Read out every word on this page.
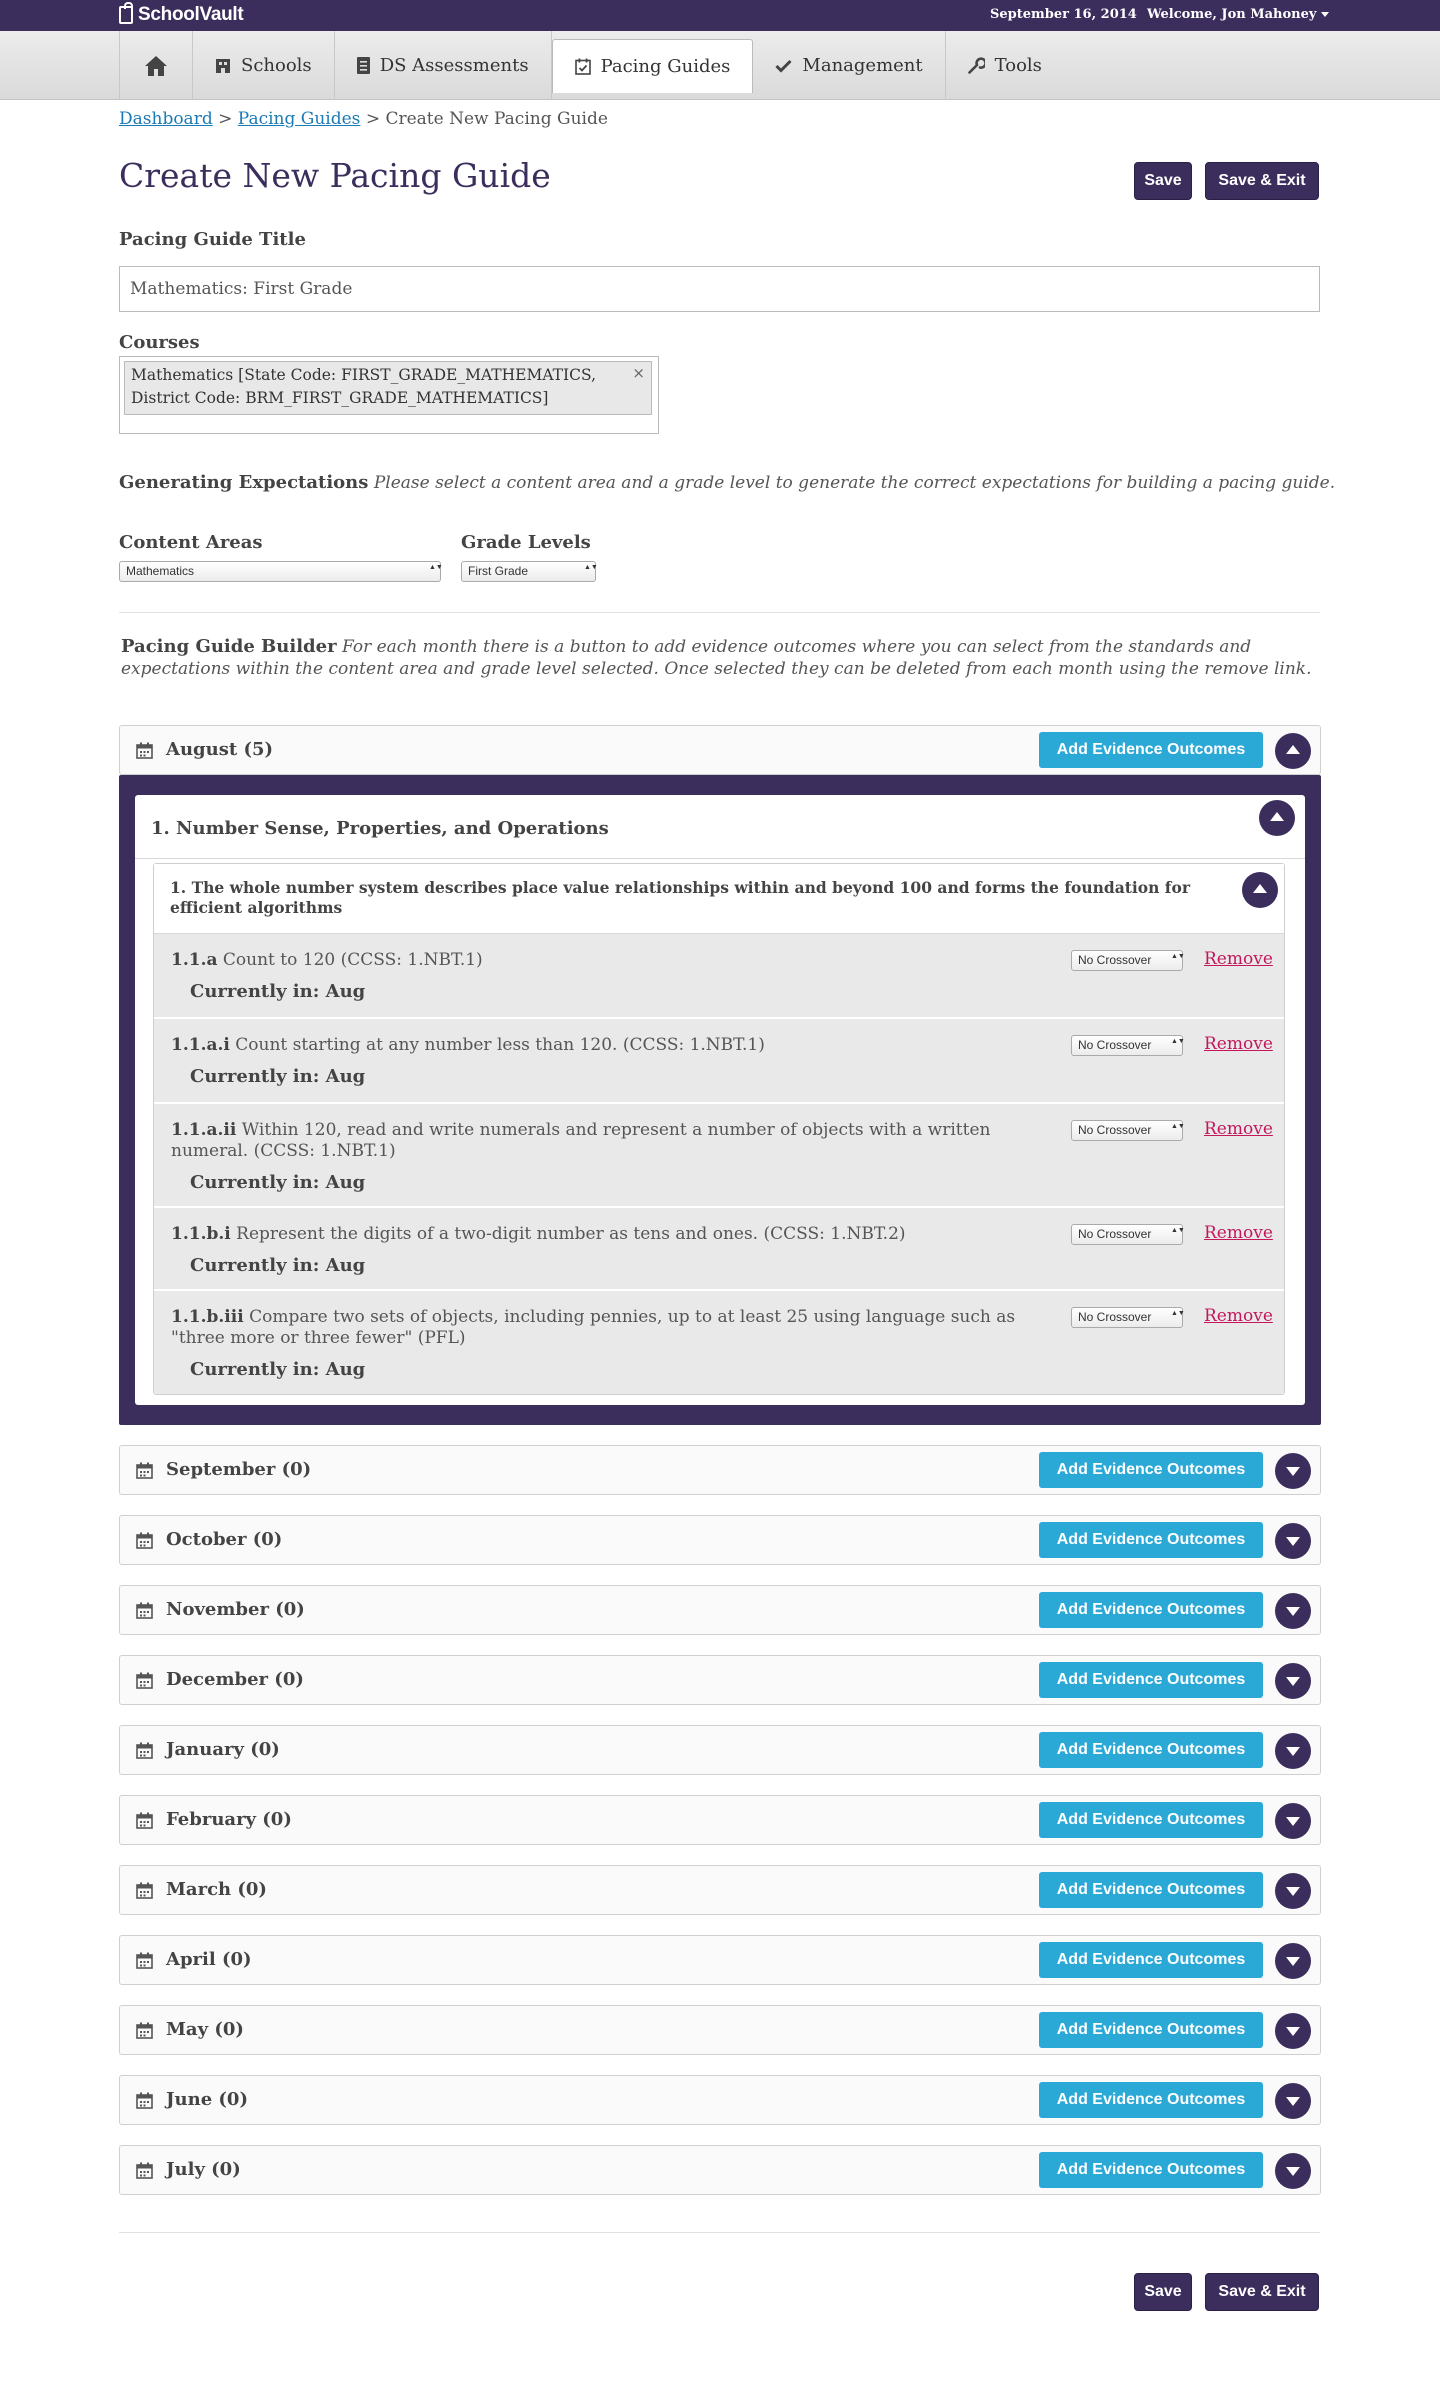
SchoolVault	September 16, 2014 Welcome, Jon Mahoney
Schools	DS Assessments	Pacing Guides	Management	Tools
Dashboard > Pacing Guides > Create New Pacing Guide
Create New Pacing Guide	Save	Save & Exit
Pacing Guide Title
Mathematics: First Grade
Courses
Mathematics [State Code: FIRST_GRADE_MATHEMATICS, District Code: BRM_FIRST_GRADE_MATHEMATICS]
×
Generating Expectations Please select a content area and a grade level to generate the correct expectations for building a pacing guide.
Content Areas
Mathematics	▲▼
Grade Levels
First Grade	▲▼
Pacing Guide Builder For each month there is a button to add evidence outcomes where you can select from the standards and expectations within the content area and grade level selected. Once selected they can be deleted from each month using the remove link.
August (5)	Add Evidence Outcomes
1. Number Sense, Properties, and Operations
1. The whole number system describes place value relationships within and beyond 100 and forms the foundation for efficient algorithms
1.1.a Count to 120 (CCSS: 1.NBT.1)
Currently in: Aug
No Crossover	▲▼ Remove
1.1.a.i Count starting at any number less than 120. (CCSS: 1.NBT.1)
Currently in: Aug
No Crossover	▲▼ Remove
1.1.a.ii Within 120, read and write numerals and represent a number of objects with a written numeral. (CCSS: 1.NBT.1)
Currently in: Aug
No Crossover	▲▼ Remove
1.1.b.i Represent the digits of a two-digit number as tens and ones. (CCSS: 1.NBT.2)
Currently in: Aug
No Crossover	▲▼ Remove
1.1.b.iii Compare two sets of objects, including pennies, up to at least 25 using language such as "three more or three fewer" (PFL)
Currently in: Aug
No Crossover	▲▼ Remove
September (0)	Add Evidence Outcomes
October (0)	Add Evidence Outcomes
November (0)	Add Evidence Outcomes
December (0)	Add Evidence Outcomes
January (0)	Add Evidence Outcomes
February (0)	Add Evidence Outcomes
March (0)	Add Evidence Outcomes
April (0)	Add Evidence Outcomes
May (0)	Add Evidence Outcomes
June (0)	Add Evidence Outcomes
July (0)	Add Evidence Outcomes
Save	Save & Exit
